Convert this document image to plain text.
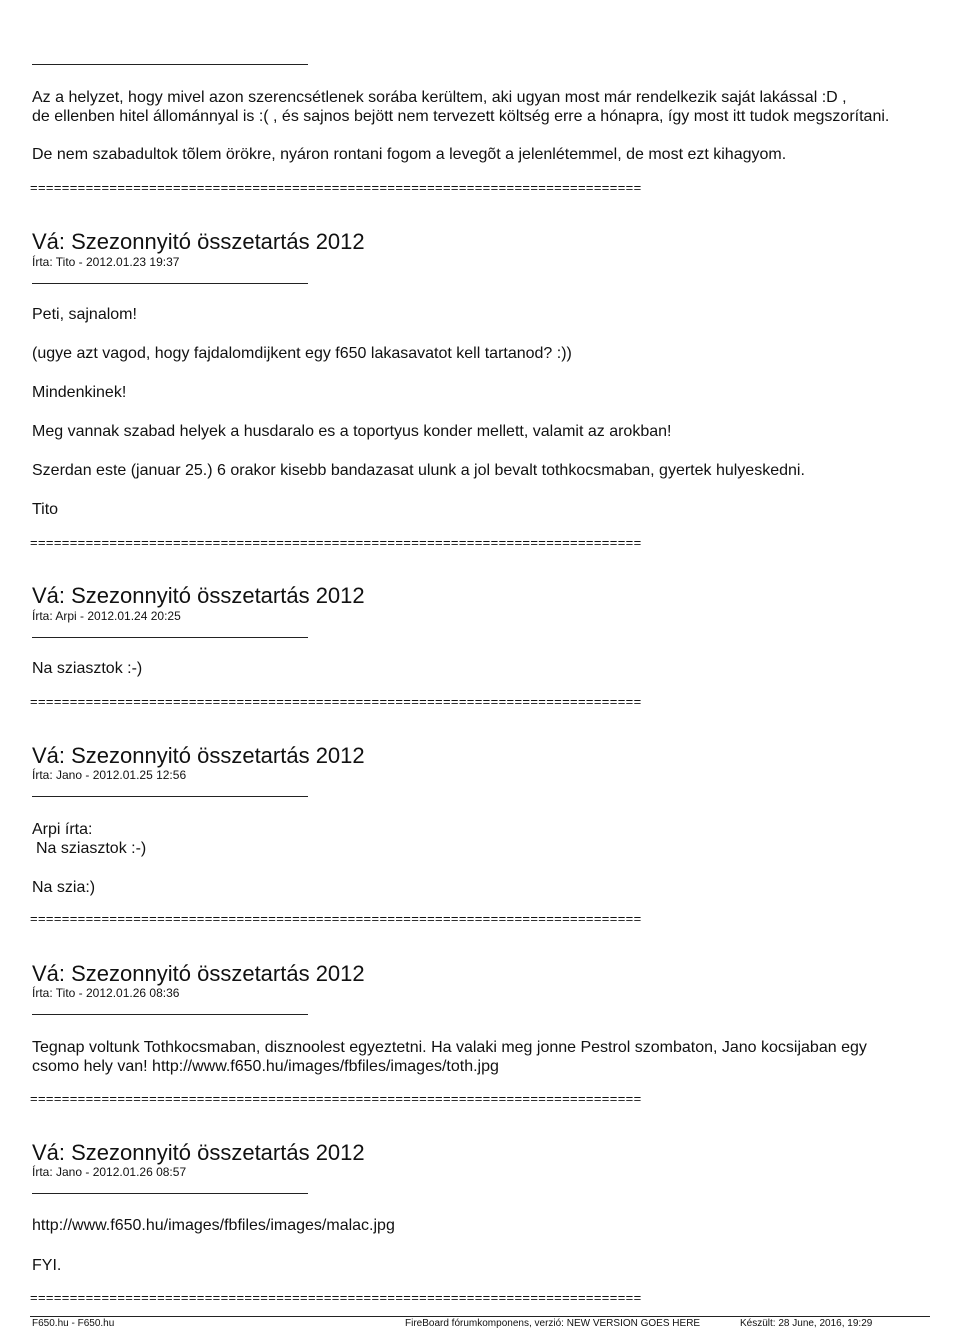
Az a helyzet, hogy mivel azon szerencsétlenek sorába kerültem, aki ugyan most már rendelkezik saját lakással :D ,
de ellenben hitel állománnyal is :( , és sajnos bejött nem tervezett költség erre a hónapra, így most itt tudok megszorítani.
De nem szabadultok tõlem örökre, nyáron rontani fogom a levegõt a jelenlétemmel, de most ezt kihagyom.
=============================================================================
Vá: Szezonnyitó összetartás 2012
Írta: Tito - 2012.01.23 19:37
Peti, sajnalom!
(ugye azt vagod, hogy fajdalomdijkent egy f650 lakasavatot kell tartanod? :))
Mindenkinek!
Meg vannak szabad helyek a husdaralo es a toportyus konder mellett, valamit az arokban!
Szerdan este (januar 25.) 6 orakor kisebb bandazasat ulunk a jol bevalt tothkocsmaban, gyertek hulyeskedni.
Tito
=============================================================================
Vá: Szezonnyitó összetartás 2012
Írta: Arpi - 2012.01.24 20:25
Na sziasztok :-)
=============================================================================
Vá: Szezonnyitó összetartás 2012
Írta: Jano - 2012.01.25 12:56
Arpi írta:
Na sziasztok :-)
Na szia:)
=============================================================================
Vá: Szezonnyitó összetartás 2012
Írta: Tito - 2012.01.26 08:36
Tegnap voltunk Tothkocsmaban, disznoolest egyeztetni. Ha valaki meg jonne Pestrol szombaton, Jano kocsijaban egy
csomo hely van! http://www.f650.hu/images/fbfiles/images/toth.jpg
=============================================================================
Vá: Szezonnyitó összetartás 2012
Írta: Jano - 2012.01.26 08:57
http://www.f650.hu/images/fbfiles/images/malac.jpg
FYI.
=============================================================================
F650.hu - F650.hu	FireBoard fórumkomponens, verzió: NEW VERSION GOES HERE	Készült: 28 June, 2016, 19:29
